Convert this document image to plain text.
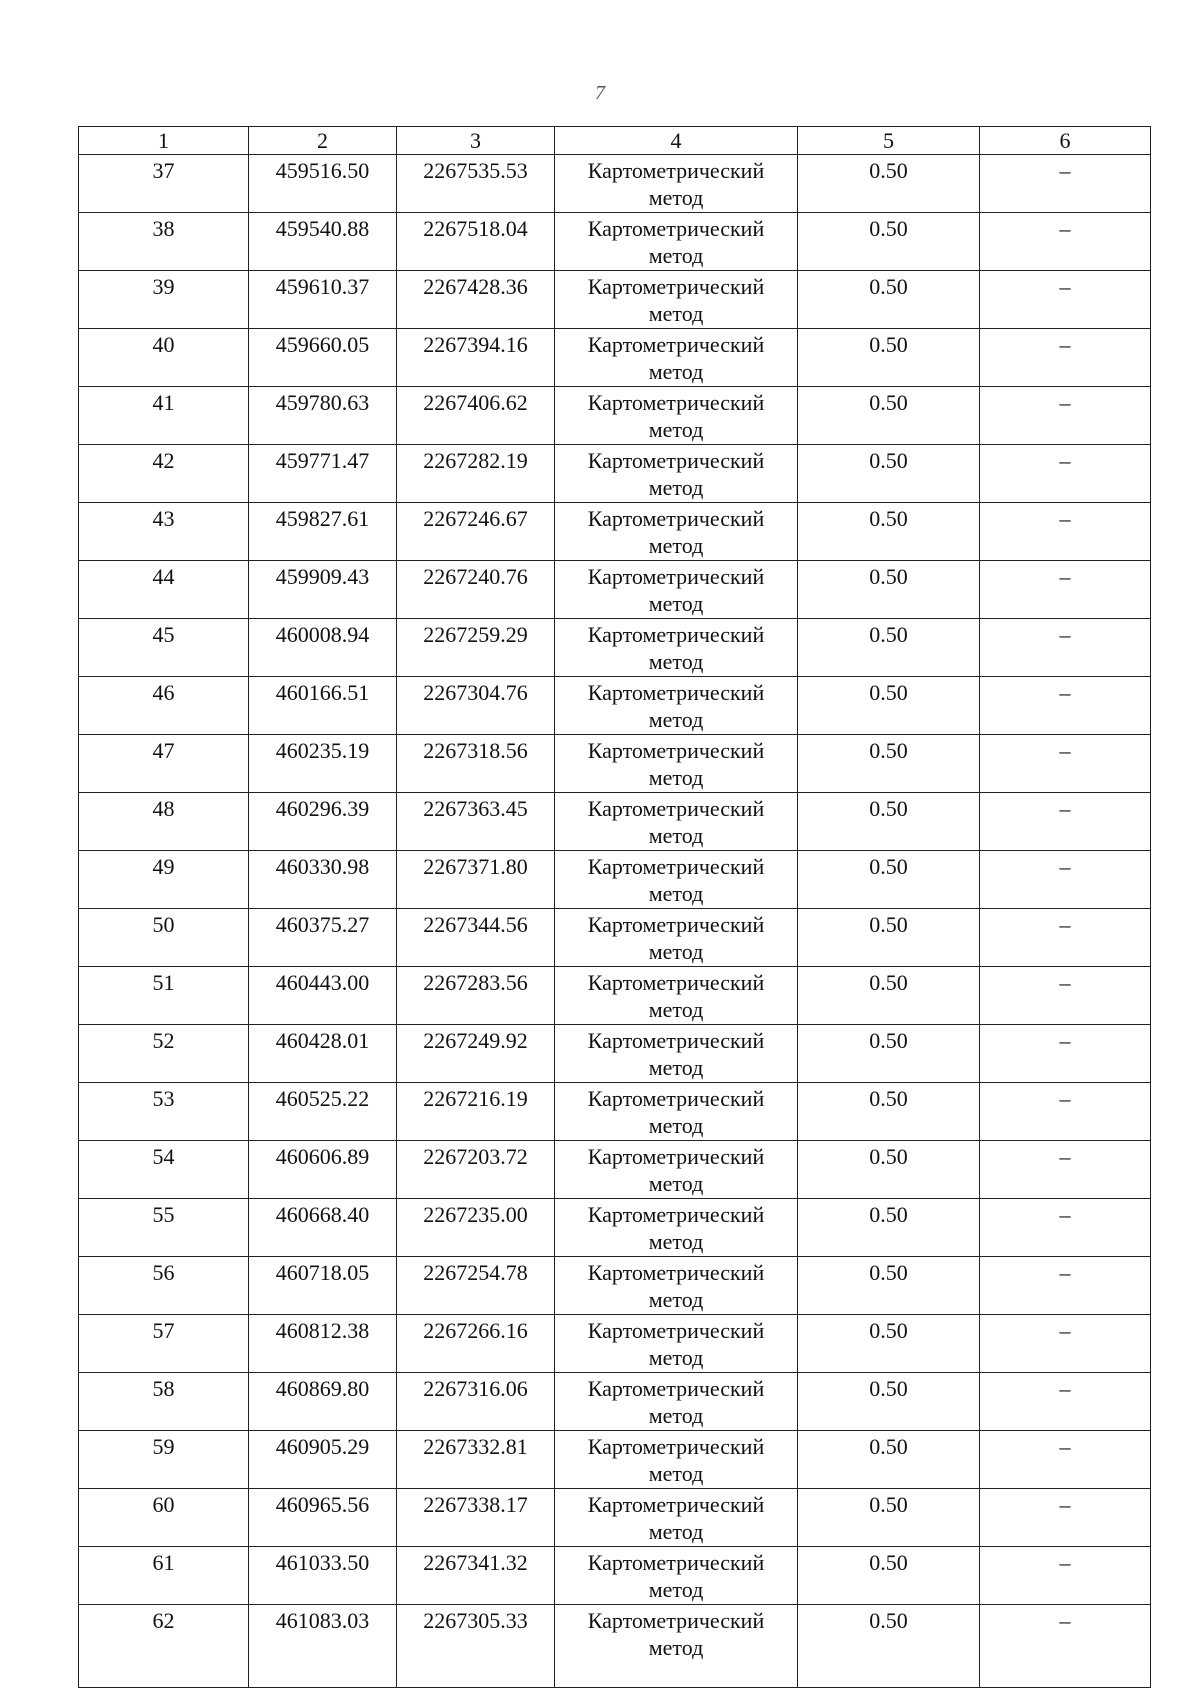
7
1	2	3	4	5	6
37	459516.50	2267535.53	Картометрический метод	0.50	–
38	459540.88	2267518.04	Картометрический метод	0.50	–
39	459610.37	2267428.36	Картометрический метод	0.50	–
40	459660.05	2267394.16	Картометрический метод	0.50	–
41	459780.63	2267406.62	Картометрический метод	0.50	–
42	459771.47	2267282.19	Картометрический метод	0.50	–
43	459827.61	2267246.67	Картометрический метод	0.50	–
44	459909.43	2267240.76	Картометрический метод	0.50	–
45	460008.94	2267259.29	Картометрический метод	0.50	–
46	460166.51	2267304.76	Картометрический метод	0.50	–
47	460235.19	2267318.56	Картометрический метод	0.50	–
48	460296.39	2267363.45	Картометрический метод	0.50	–
49	460330.98	2267371.80	Картометрический метод	0.50	–
50	460375.27	2267344.56	Картометрический метод	0.50	–
51	460443.00	2267283.56	Картометрический метод	0.50	–
52	460428.01	2267249.92	Картометрический метод	0.50	–
53	460525.22	2267216.19	Картометрический метод	0.50	–
54	460606.89	2267203.72	Картометрический метод	0.50	–
55	460668.40	2267235.00	Картометрический метод	0.50	–
56	460718.05	2267254.78	Картометрический метод	0.50	–
57	460812.38	2267266.16	Картометрический метод	0.50	–
58	460869.80	2267316.06	Картометрический метод	0.50	–
59	460905.29	2267332.81	Картометрический метод	0.50	–
60	460965.56	2267338.17	Картометрический метод	0.50	–
61	461033.50	2267341.32	Картометрический метод	0.50	–
62	461083.03	2267305.33	Картометрический метод	0.50	–
